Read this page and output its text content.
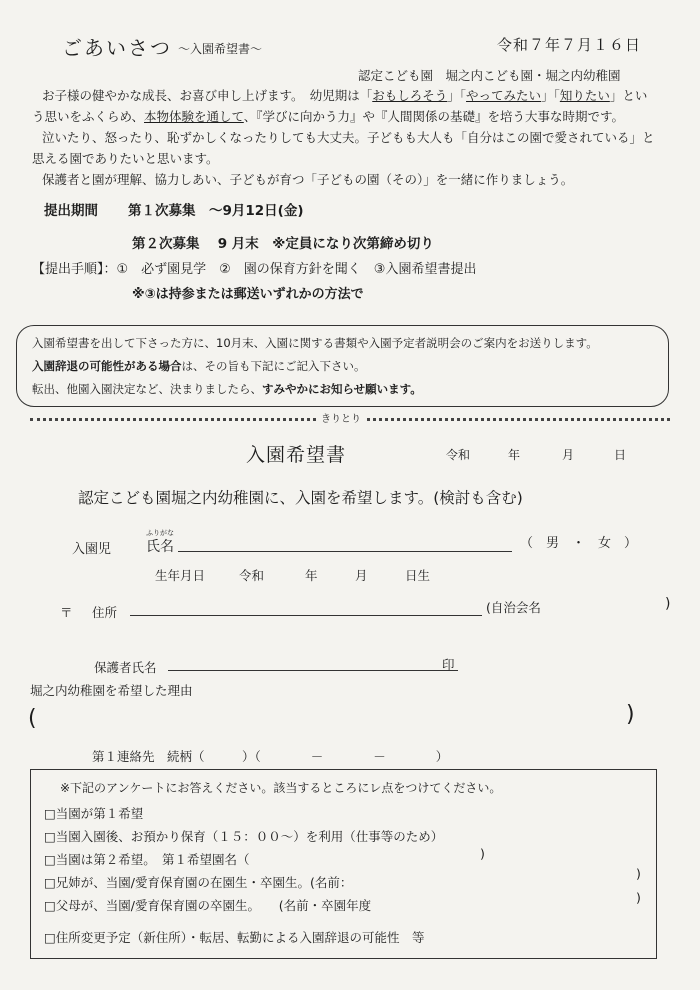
ごあいさつ 〜入園希望書〜	令和７年７月１６日
認定こども園　堀之内こども園・堀之内幼稚園
お子様の健やかな成長、お喜び申し上げます。　幼児期は「おもしろそう」「やってみたい」「知りたい」とい
う思いをふくらめ、本物体験を通して、『学びに向かう力』や『人間関係の基礎』を培う大事な時期です。
泣いたり、怒ったり、恥ずかしくなったりしても大丈夫。子どもも大人も「自分はこの園で愛されている」と
思える園でありたいと思います。
保護者と園が理解、協力しあい、子どもが育つ「子どもの園（その）」を一緒に作りましょう。
提出期間 第１次募集　〜9月12日(金)
第２次募集　 9 月末　※定員になり次第締め切り
【提出手順】：①　必ず園見学　②　園の保育方針を聞く　③入園希望書提出
※③は持参または郵送いずれかの方法で
入園希望書を出して下さった方に、10月末、入園に関する書類や入園予定者説明会のご案内をお送りします。
入園辞退の可能性がある場合は、その旨も下記にご記入下さい。
転出、他園入園決定など、決まりましたら、すみやかにお知らせ願います。
きりとり
入園希望書	令和	年	月	日
認定こども園堀之内幼稚園に、入園を希望します。(検討も含む)
入園児
ふりがな
氏名	（　男　・　女　）
生年月日	令和	年	月	日生
〒 住所	(自治会名	)
保護者氏名	印
堀之内幼稚園を希望した理由
(	)
第１連絡先　続柄（　　　）（　　　　－　　　　－　　　　）
※下記のアンケートにお答えください。該当するところにレ点をつけてください。
□当園が第１希望
□当園入園後、お預かり保育（１５：００〜）を利用（仕事等のため）
□当園は第２希望。　第１希望園名（	)
□兄姉が、当園/愛育保育園の在園生・卒園生。(名前：
)
□父母が、当園/愛育保育園の卒園生。　　(名前・卒園年度
)
□住所変更予定（新住所）・転居、転勤による入園辞退の可能性　等
